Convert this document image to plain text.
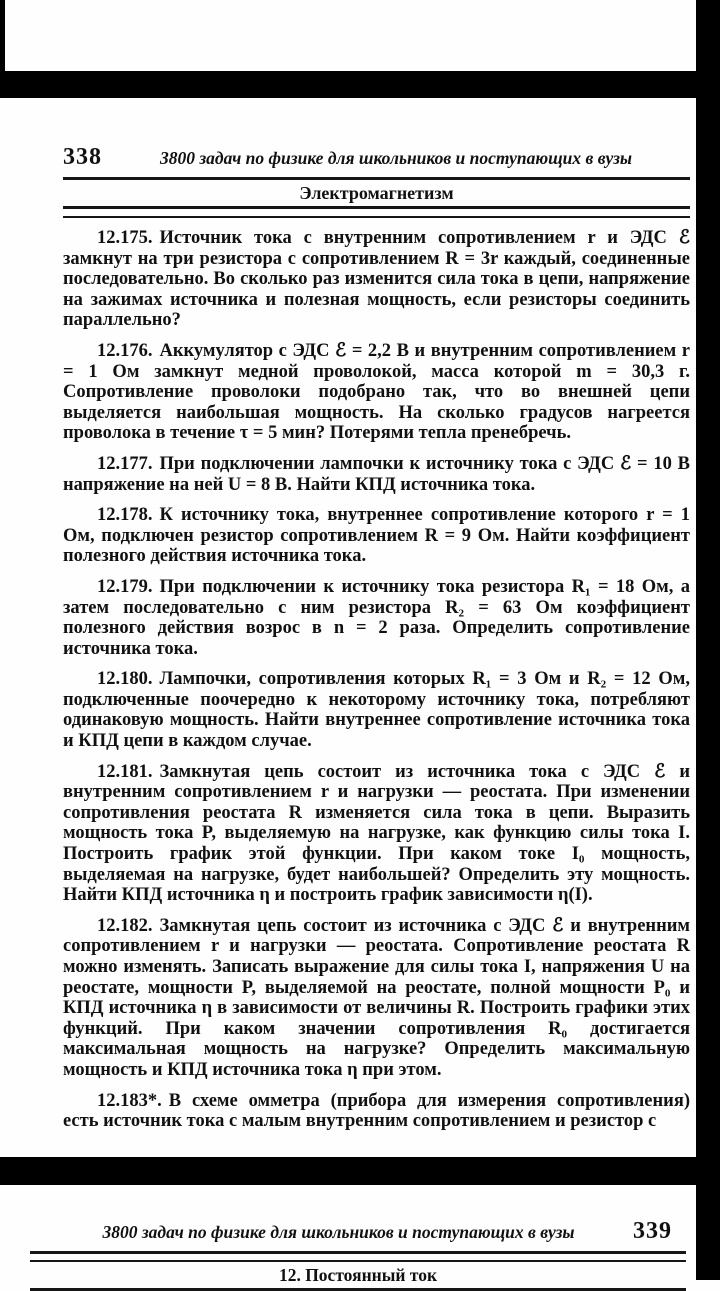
338	3800 задач по физике для школьников и поступающих в вузы
Электромагнетизм

12.175. Источник тока с внутренним сопротивлением r и ЭДС ℰ замкнут на три резистора с сопротивлением R = 3r каждый, соединенные последовательно. Во сколько раз изменится сила тока в цепи, напряжение на зажимах источника и полезная мощность, если резисторы соединить параллельно?

12.176. Аккумулятор с ЭДС ℰ = 2,2 В и внутренним сопротивлением r = 1 Ом замкнут медной проволокой, масса которой m = 30,3 г. Сопротивление проволоки подобрано так, что во внешней цепи выделяется наибольшая мощность. На сколько градусов нагреется проволока в течение τ = 5 мин? Потерями тепла пренебречь.

12.177. При подключении лампочки к источнику тока с ЭДС ℰ = 10 В напряжение на ней U = 8 В. Найти КПД источника тока.

12.178. К источнику тока, внутреннее сопротивление которого r = 1 Ом, подключен резистор сопротивлением R = 9 Ом. Найти коэффициент полезного действия источника тока.

12.179. При подключении к источнику тока резистора R₁ = 18 Ом, а затем последовательно с ним резистора R₂ = 63 Ом коэффициент полезного действия возрос в n = 2 раза. Определить сопротивление источника тока.

12.180. Лампочки, сопротивления которых R₁ = 3 Ом и R₂ = 12 Ом, подключенные поочередно к некоторому источнику тока, потребляют одинаковую мощность. Найти внутреннее сопротивление источника тока и КПД цепи в каждом случае.

12.181. Замкнутая цепь состоит из источника тока с ЭДС ℰ и внутренним сопротивлением r и нагрузки — реостата. При изменении сопротивления реостата R изменяется сила тока в цепи. Выразить мощность тока P, выделяемую на нагрузке, как функцию силы тока I. Построить график этой функции. При каком токе I₀ мощность, выделяемая на нагрузке, будет наибольшей? Определить эту мощность. Найти КПД источника η и построить график зависимости η(I).

12.182. Замкнутая цепь состоит из источника с ЭДС ℰ и внутренним сопротивлением r и нагрузки — реостата. Сопротивление реостата R можно изменять. Записать выражение для силы тока I, напряжения U на реостате, мощности P, выделяемой на реостате, полной мощности P₀ и КПД источника η в зависимости от величины R. Построить графики этих функций. При каком значении сопротивления R₀ достигается максимальная мощность на нагрузке? Определить максимальную мощность и КПД источника тока η при этом.

12.183*. В схеме омметра (прибора для измерения сопротивления) есть источник тока с малым внутренним сопротивлением и резистор с

3800 задач по физике для школьников и поступающих в вузы	339
12. Постоянный ток
